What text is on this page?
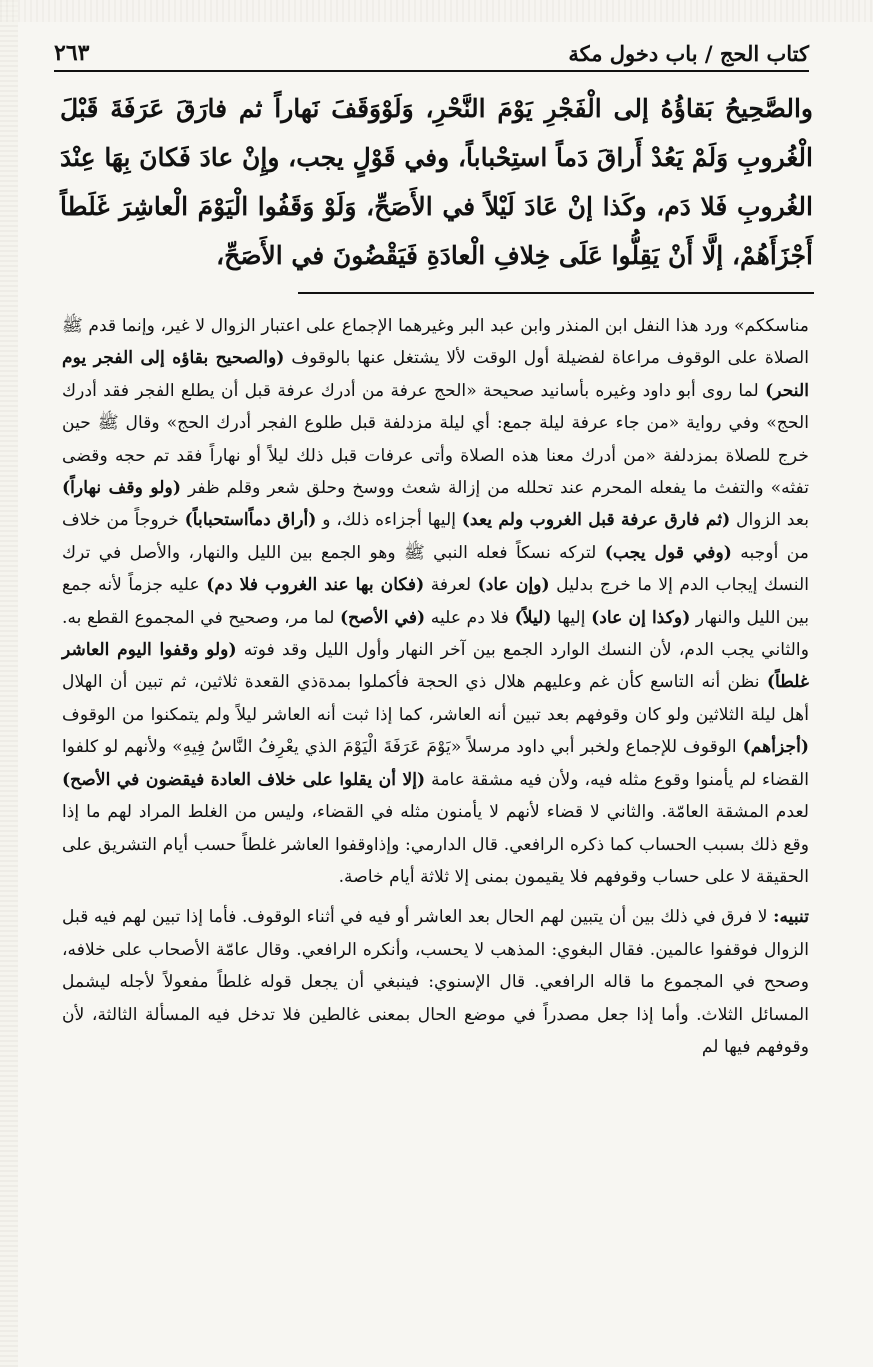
كتاب الحج / باب دخول مكة
٢٦٣

والصَّحِيحُ بَقاؤُهُ إلى الْفَجْرِ يَوْمَ النَّحْرِ، وَلَوْوَقَفَ نَهاراً ثم فارَقَ عَرَفَةَ قَبْلَ الْغُروبِ وَلَمْ يَعُدْ أَراقَ دَماً استِحْباباً، وفي قَوْلٍ يجب، وإِنْ عادَ فَكانَ بِهَا عِنْدَ الغُروبِ فَلا دَم، وكَذا إنْ عَادَ لَيْلاً في الأَصَحِّ، وَلَوْ وَقَفُوا الْيَوْمَ الْعاشِرَ غَلَطاً أَجْزَأَهُمْ، إلَّا أَنْ يَقِلُّوا عَلَى خِلافِ الْعادَةِ فَيَقْضُونَ في الأَصَحِّ،

مناسككم» ورد هذا النفل ابن المنذر وابن عبد البر وغيرهما الإجماع على اعتبار الزوال لا غير، وإنما قدم ﷺ الصلاة على الوقوف مراعاة لفضيلة أول الوقت لألا يشتغل عنها بالوقوف (والصحيح بقاؤه إلى الفجر يوم النحر) لما روى أبو داود وغيره بأسانيد صحيحة «الحج عرفة من أدرك عرفة قبل أن يطلع الفجر فقد أدرك الحج» وفي رواية «من جاء عرفة ليلة جمع: أي ليلة مزدلفة قبل طلوع الفجر أدرك الحج» وقال ﷺ حين خرج للصلاة بمزدلفة «من أدرك معنا هذه الصلاة وأتى عرفات قبل ذلك ليلاً أو نهاراً فقد تم حجه وقضى تفثه» والتفث ما يفعله المحرم عند تحلله من إزالة شعث ووسخ وحلق شعر وقلم ظفر (ولو وقف نهاراً) بعد الزوال (ثم فارق عرفة قبل الغروب ولم يعد) إليها أجزاءه ذلك، و (أراق دماًاستحباباً) خروجاً من خلاف من أوجبه (وفي قول يجب) لتركه نسكاً فعله النبي ﷺ وهو الجمع بين الليل والنهار، والأصل في ترك النسك إيجاب الدم إلا ما خرج بدليل (وإن عاد) لعرفة (فكان بها عند الغروب فلا دم) عليه جزماً لأنه جمع بين الليل والنهار (وكذا إن عاد) إليها (ليلاً) فلا دم عليه (في الأصح) لما مر، وصحيح في المجموع القطع به. والثاني يجب الدم، لأن النسك الوارد الجمع بين آخر النهار وأول الليل وقد فوته (ولو وقفوا اليوم العاشر غلطاً) نظن أنه التاسع كأن غم وعليهم هلال ذي الحجة فأكملوا بمدةذي القعدة ثلاثين، ثم تبين أن الهلال أهل ليلة الثلاثين ولو كان وقوفهم بعد تبين أنه العاشر، كما إذا ثبت أنه العاشر ليلاً ولم يتمكنوا من الوقوف (أجزأهم) الوقوف للإجماع ولخبر أبي داود مرسلاً «يَوْمَ عَرَفَةَ الْيَوْمَ الذي يعْرِفُ النَّاسُ فِيهِ» ولأنهم لو كلفوا القضاء لم يأمنوا وقوع مثله فيه، ولأن فيه مشقة عامة (إلا أن يقلوا على خلاف العادة فيقضون في الأصح) لعدم المشقة العامّة. والثاني لا قضاء لأنهم لا يأمنون مثله في القضاء، وليس من الغلط المراد لهم ما إذا وقع ذلك بسبب الحساب كما ذكره الرافعي. قال الدارمي: وإذاوقفوا العاشر غلطاً حسب أيام التشريق على الحقيقة لا على حساب وقوفهم فلا يقيمون بمنى إلا ثلاثة أيام خاصة.

تنبيه: لا فرق في ذلك بين أن يتبين لهم الحال بعد العاشر أو فيه في أثناء الوقوف. فأما إذا تبين لهم فيه قبل الزوال فوقفوا عالمين. فقال البغوي: المذهب لا يحسب، وأنكره الرافعي. وقال عامّة الأصحاب على خلافه، وصحح في المجموع ما قاله الرافعي. قال الإسنوي: فينبغي أن يجعل قوله غلطاً مفعولاً لأجله ليشمل المسائل الثلاث. وأما إذا جعل مصدراً في موضع الحال بمعنى غالطين فلا تدخل فيه المسألة الثالثة، لأن وقوفهم فيها لم
